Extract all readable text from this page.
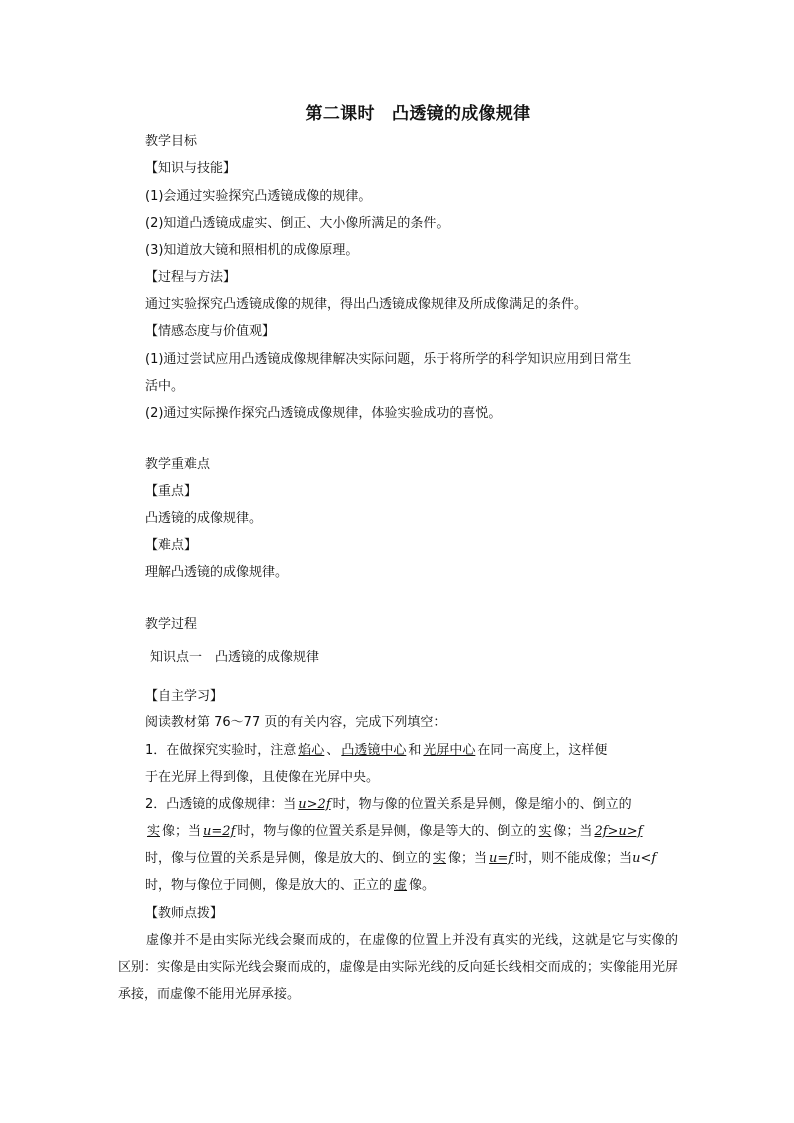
第二课时　凸透镜的成像规律
教学目标
【知识与技能】
(1)会通过实验探究凸透镜成像的规律。
(2)知道凸透镜成虚实、倒正、大小像所满足的条件。
(3)知道放大镜和照相机的成像原理。
【过程与方法】
通过实验探究凸透镜成像的规律，得出凸透镜成像规律及所成像满足的条件。
【情感态度与价值观】
(1)通过尝试应用凸透镜成像规律解决实际问题，乐于将所学的科学知识应用到日常生
活中。
(2)通过实际操作探究凸透镜成像规律，体验实验成功的喜悦。
教学重难点
【重点】
凸透镜的成像规律。
【难点】
理解凸透镜的成像规律。
教学过程
知识点一　凸透镜的成像规律
【自主学习】
阅读教材第 76～77 页的有关内容，完成下列填空：
1．在做探究实验时，注意 焰心 、 凸透镜中心 和 光屏中心 在同一高度上，这样便
于在光屏上得到像，且使像在光屏中央。
2．凸透镜的成像规律：当 u>2f 时，物与像的位置关系是异侧，像是缩小的、倒立的
实 像；当 u=2f 时，物与像的位置关系是异侧，像是等大的、倒立的 实 像；当 2f>u>f
时，像与位置的关系是异侧，像是放大的、倒立的 实 像；当 u=f 时，则不能成像；当u<f
时，物与像位于同侧，像是放大的、正立的 虚 像。
【教师点拨】

虚像并不是由实际光线会聚而成的，在虚像的位置上并没有真实的光线，这就是它与实像的区别：实像是由实际光线会聚而成的，虚像是由实际光线的反向延长线相交而成的；实像能用光屏承接，而虚像不能用光屏承接。
